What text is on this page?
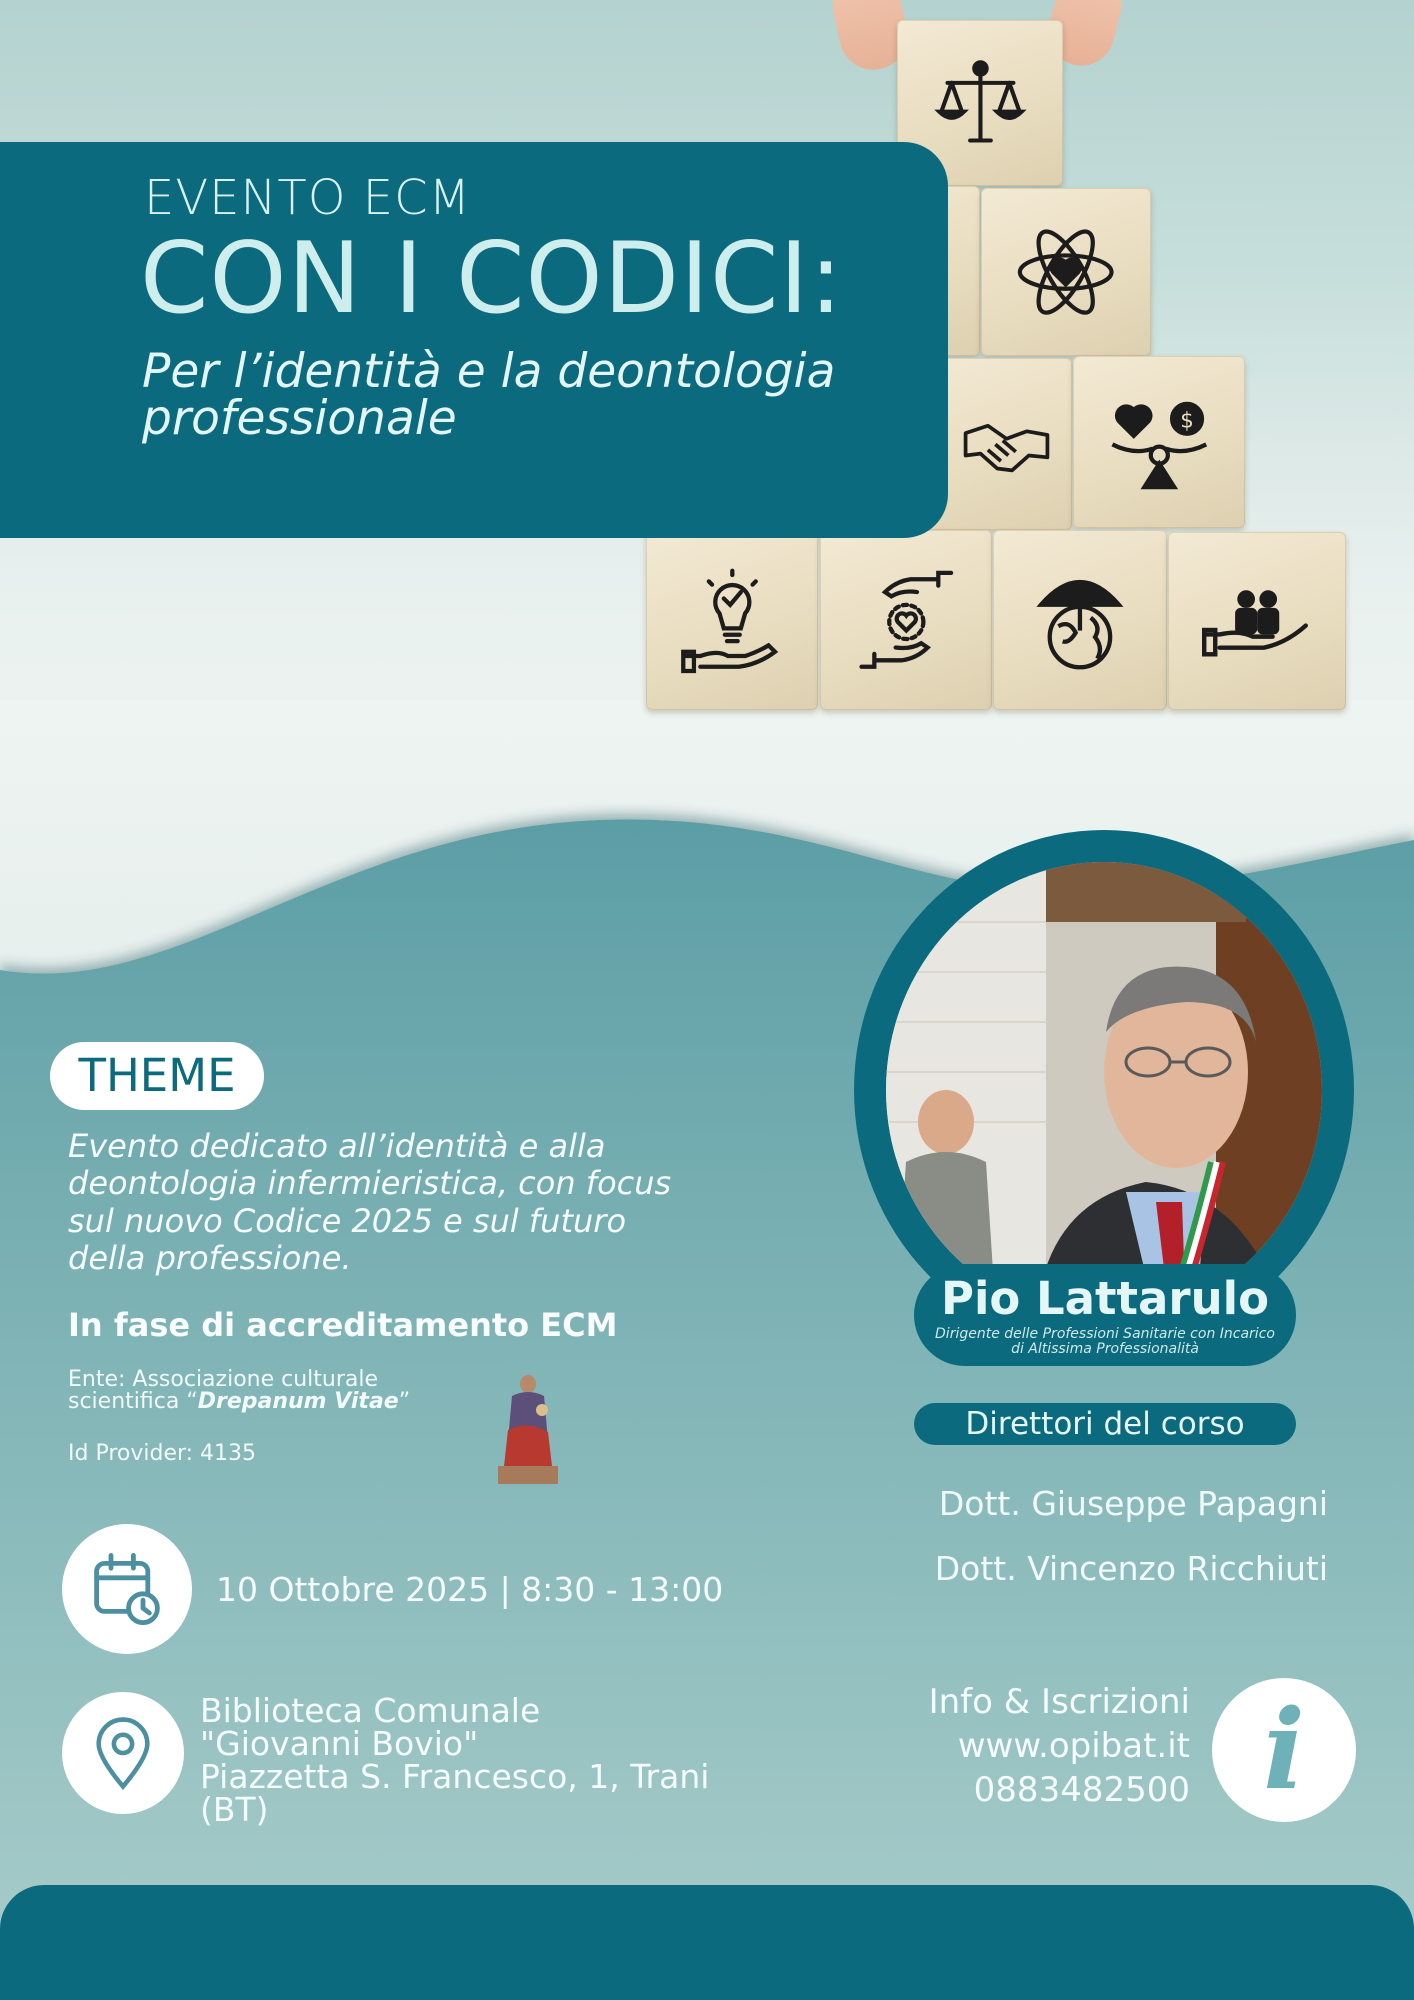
$
EVENTO ECM
CON I CODICI:
Per l’identità e la deontologia professionale
Pio Lattarulo
Dirigente delle Professioni Sanitarie con Incarico di Altissima Professionalità
Direttori del corso
Dott. Giuseppe Papagni
Dott. Vincenzo Ricchiuti
THEME
Evento dedicato all’identità e alla deontologia infermieristica, con focus sul nuovo Codice 2025 e sul futuro della professione.
In fase di accreditamento ECM
Ente: Associazione culturale scientifica “Drepanum Vitae”
Id Provider: 4135
10 Ottobre 2025 | 8:30 - 13:00
Biblioteca Comunale
"Giovanni Bovio"
Piazzetta S. Francesco, 1, Trani
(BT)
Info & Iscrizioni
www.opibat.it
0883482500 i
